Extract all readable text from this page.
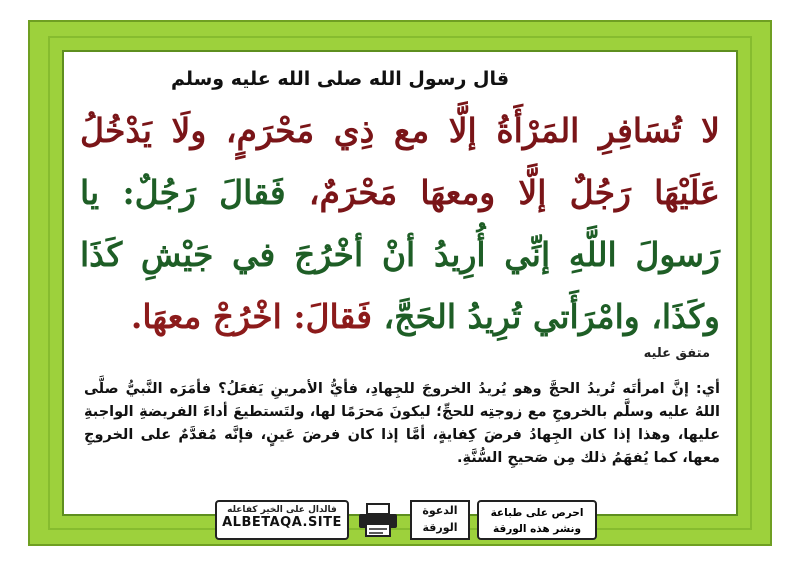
قال رسول الله صلى الله عليه وسلم
لا تُسَافِرِ المَرْأَةُ إلَّا مع ذِي مَحْرَمٍ، ولَا يَدْخُلُ عَلَيْهَا رَجُلٌ إلَّا ومعهَا مَحْرَمٌ، فَقالَ رَجُلٌ: يا رَسولَ اللَّهِ إنِّي أُرِيدُ أنْ أخْرُجَ في جَيْشِ كَذَا وكَذَا، وامْرَأَتي تُرِيدُ الحَجَّ، فَقالَ: اخْرُجْ معهَا.
متفق عليه
أي: إنَّ امرأتَه تُريدُ الحجَّ وهو يُريدُ الخروجَ للجِهادِ، فأيُّ الأمرينِ يَفعَلُ؟ فأمَرَه النَّبيُّ صلَّى اللهُ عليه وسلَّم بالخروجِ مع زوجتِه للحجِّ؛ ليكونَ مَحرَمًا لها، ولتَستطيعَ أداءَ الفريضةِ الواجبةِ عليها، وهذا إذا كان الجِهادُ فرضَ كِفايةٍ، أمَّا إذا كان فرضَ عَينٍ، فإنَّه مُقدَّمٌ على الخروجِ معها، كما يُفهَمُ ذلك مِن صَحيحِ السُّنَّةِ.
فالدال على الخير كفاعله
ALBETAQA.SITE
الدعوة
الورقة
احرص على طباعة
ونشر هذه الورقة
